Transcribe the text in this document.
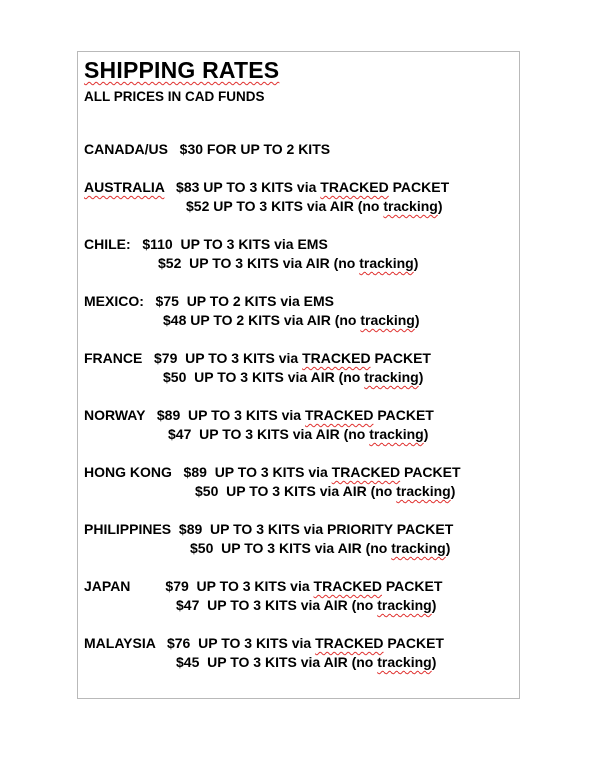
SHIPPING RATES
ALL PRICES IN CAD FUNDS
CANADA/US   $30 FOR UP TO 2 KITS
AUSTRALIA   $83 UP TO 3 KITS via TRACKED PACKET
$52 UP TO 3 KITS via AIR (no tracking)
CHILE:   $110  UP TO 3 KITS via EMS
$52  UP TO 3 KITS via AIR (no tracking)
MEXICO:   $75  UP TO 2 KITS via EMS
$48 UP TO 2 KITS via AIR (no tracking)
FRANCE   $79  UP TO 3 KITS via TRACKED PACKET
$50  UP TO 3 KITS via AIR (no tracking)
NORWAY   $89  UP TO 3 KITS via TRACKED PACKET
$47  UP TO 3 KITS via AIR (no tracking)
HONG KONG   $89  UP TO 3 KITS via TRACKED PACKET
$50  UP TO 3 KITS via AIR (no tracking)
PHILIPPINES  $89  UP TO 3 KITS via PRIORITY PACKET
$50  UP TO 3 KITS via AIR (no tracking)
JAPAN         $79  UP TO 3 KITS via TRACKED PACKET
$47  UP TO 3 KITS via AIR (no tracking)
MALAYSIA   $76  UP TO 3 KITS via TRACKED PACKET
$45  UP TO 3 KITS via AIR (no tracking)
